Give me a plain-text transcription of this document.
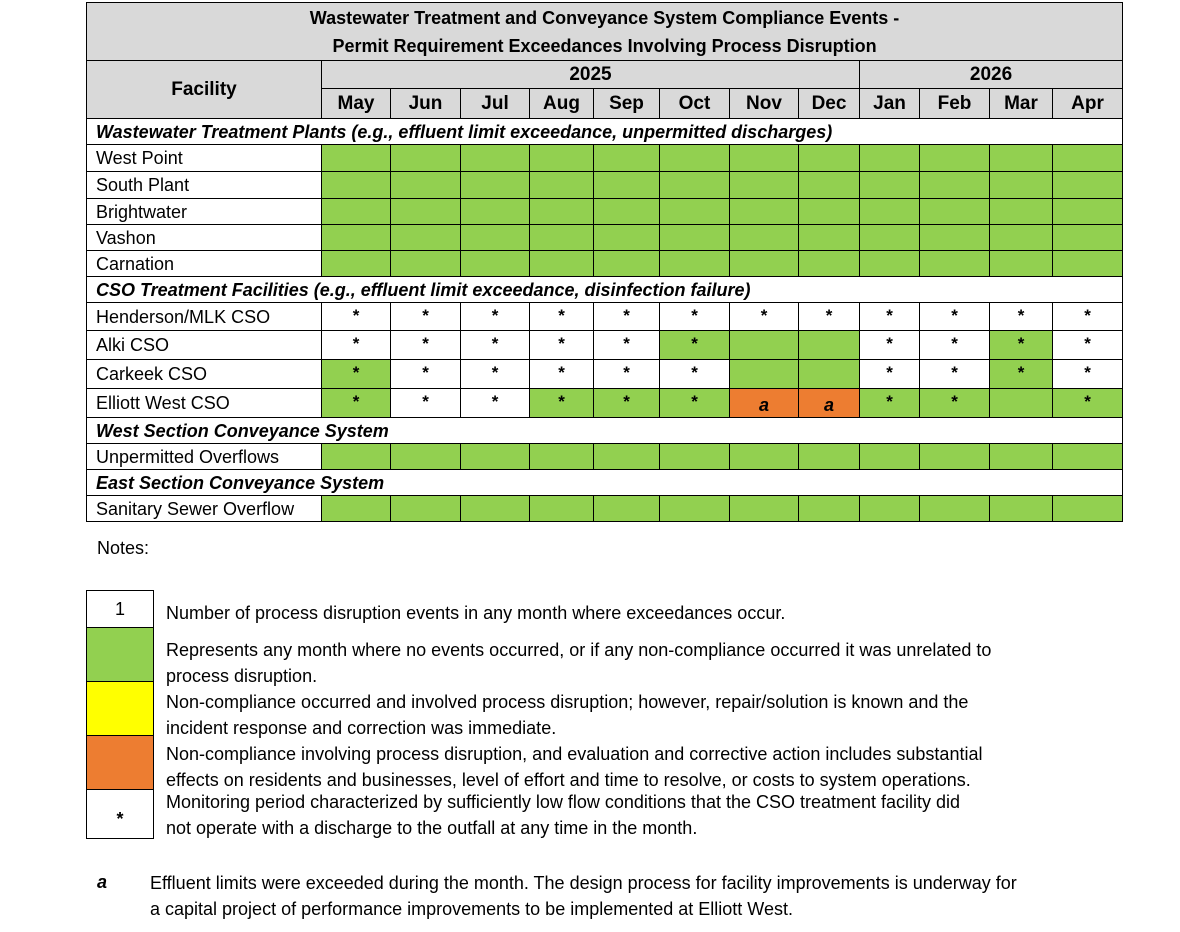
Wastewater Treatment and Conveyance System Compliance Events -
Permit Requirement Exceedances Involving Process Disruption												
Facility	2025								2026			
	May	Jun	Jul	Aug	Sep	Oct	Nov	Dec	Jan	Feb	Mar	Apr
Wastewater Treatment Plants (e.g., effluent limit exceedance, unpermitted discharges)												
West Point												
South Plant												
Brightwater												
Vashon												
Carnation												
CSO Treatment Facilities (e.g., effluent limit exceedance, disinfection failure)												
Henderson/MLK CSO	*	*	*	*	*	*	*	*	*	*	*	*
Alki CSO	*	*	*	*	*	*			*	*	*	*
Carkeek CSO	*	*	*	*	*	*			*	*	*	*
Elliott West CSO	*	*	*	*	*	*	a	a	*	*		*
West Section Conveyance System												
Unpermitted Overflows												
East Section Conveyance System												
Sanitary Sewer Overflow												
Notes:
1	Number of process disruption events in any month where exceedances occur.
Represents any month where no events occurred, or if any non-compliance occurred it was unrelated to
process disruption.
Non-compliance occurred and involved process disruption; however, repair/solution is known and the
incident response and correction was immediate.
Non-compliance involving process disruption, and evaluation and corrective action includes substantial
effects on residents and businesses, level of effort and time to resolve, or costs to system operations.
*
Monitoring period characterized by sufficiently low flow conditions that the CSO treatment facility did
not operate with a discharge to the outfall at any time in the month.
a Effluent limits were exceeded during the month. The design process for facility improvements is underway for
a capital project of performance improvements to be implemented at Elliott West.
